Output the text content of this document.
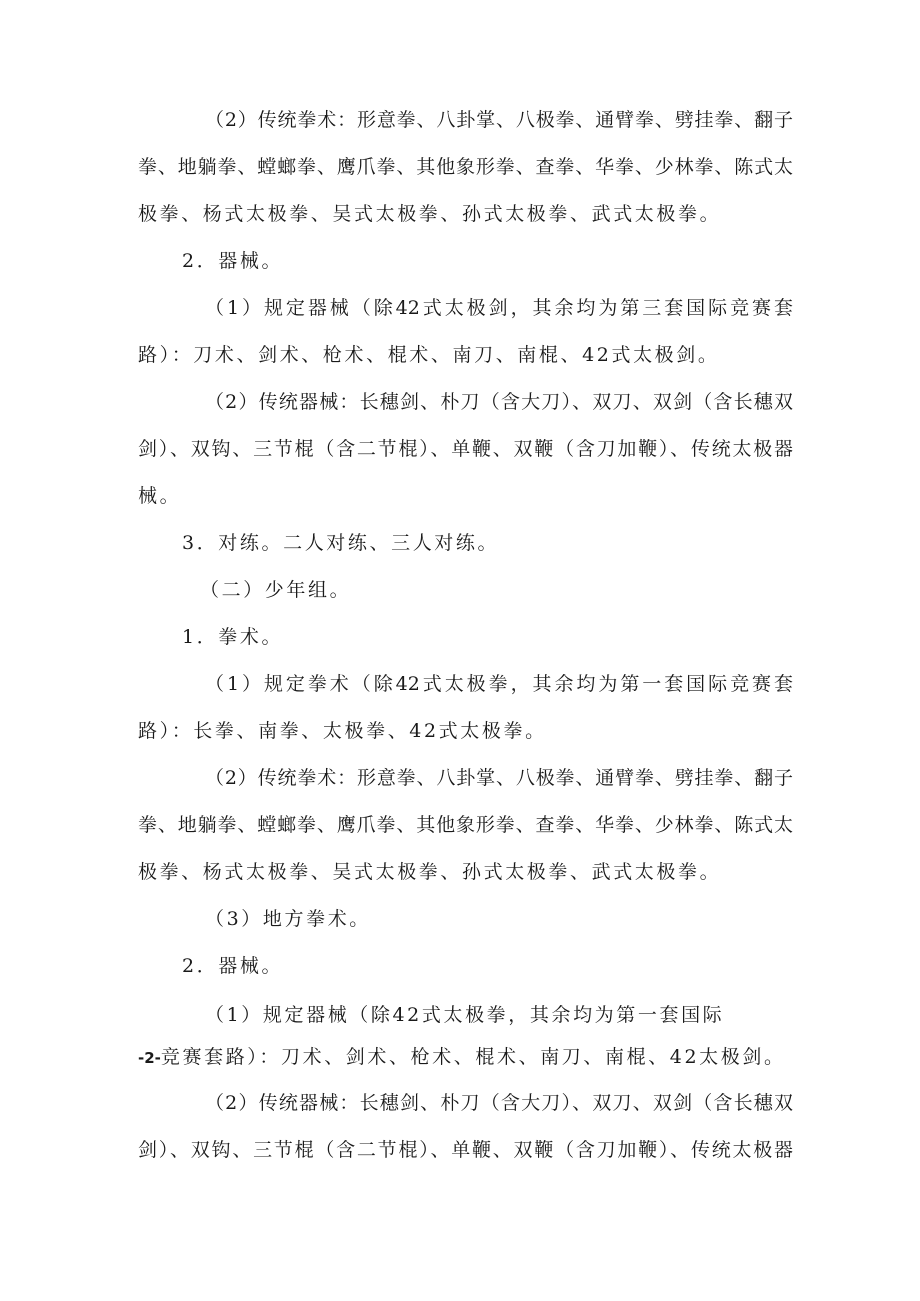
（2）传统拳术：形意拳、八卦掌、八极拳、通臂拳、劈挂拳、翻子
拳、地躺拳、螳螂拳、鹰爪拳、其他象形拳、查拳、华拳、少林拳、陈式太
极拳、杨式太极拳、吴式太极拳、孙式太极拳、武式太极拳。
2．器械。
（1）规定器械（除42式太极剑，其余均为第三套国际竞赛套
路）：刀术、剑术、枪术、棍术、南刀、南棍、42式太极剑。
（2）传统器械：长穗剑、朴刀（含大刀）、双刀、双剑（含长穗双
剑）、双钩、三节棍（含二节棍）、单鞭、双鞭（含刀加鞭）、传统太极器
械。
3．对练。二人对练、三人对练。
（二）少年组。
1．拳术。
（1）规定拳术（除42式太极拳，其余均为第一套国际竞赛套
路）：长拳、南拳、太极拳、42式太极拳。
（2）传统拳术：形意拳、八卦掌、八极拳、通臂拳、劈挂拳、翻子
拳、地躺拳、螳螂拳、鹰爪拳、其他象形拳、查拳、华拳、少林拳、陈式太
极拳、杨式太极拳、吴式太极拳、孙式太极拳、武式太极拳。
（3）地方拳术。
2．器械。
（1）规定器械（除42式太极拳，其余均为第一套国际
-2-竞赛套路）：刀术、剑术、枪术、棍术、南刀、南棍、42太极剑。
（2）传统器械：长穗剑、朴刀（含大刀）、双刀、双剑（含长穗双
剑）、双钩、三节棍（含二节棍）、单鞭、双鞭（含刀加鞭）、传统太极器
